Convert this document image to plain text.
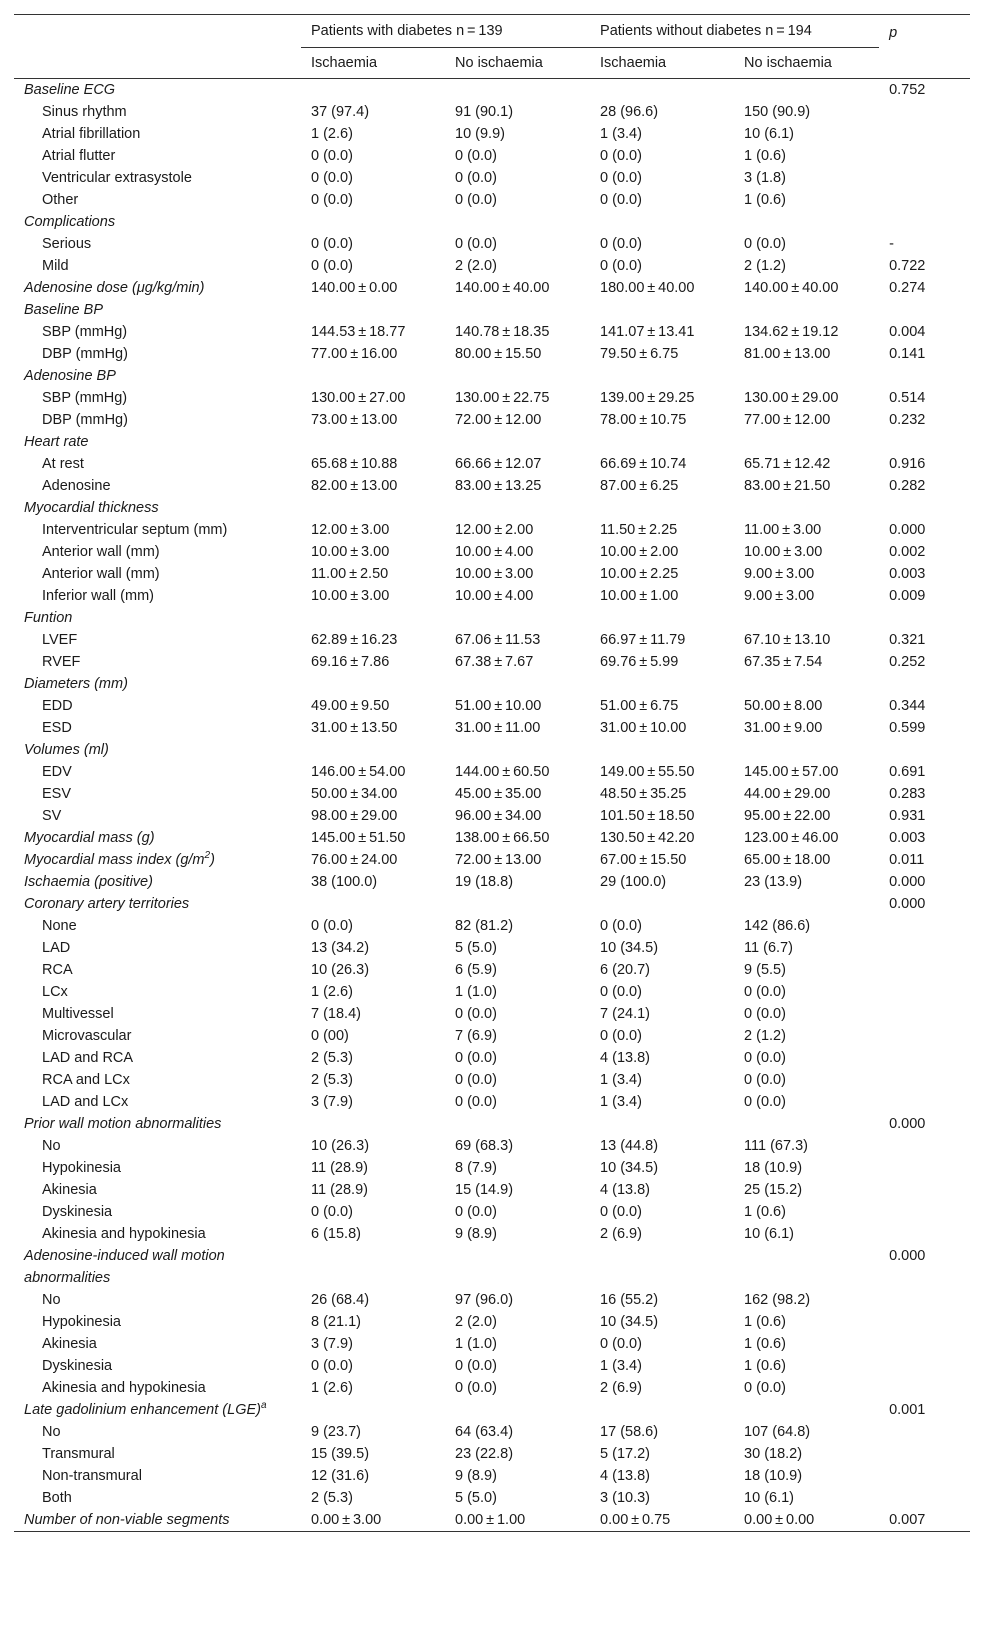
	Patients with diabetes n = 139		Patients without diabetes n = 194		p
	Ischaemia	No ischaemia	Ischaemia	No ischaemia	
Baseline ECG					0.752
Sinus rhythm	37 (97.4)	91 (90.1)	28 (96.6)	150 (90.9)	
Atrial fibrillation	1 (2.6)	10 (9.9)	1 (3.4)	10 (6.1)	
Atrial flutter	0 (0.0)	0 (0.0)	0 (0.0)	1 (0.6)	
Ventricular extrasystole	0 (0.0)	0 (0.0)	0 (0.0)	3 (1.8)	
Other	0 (0.0)	0 (0.0)	0 (0.0)	1 (0.6)	
Complications					
Serious	0 (0.0)	0 (0.0)	0 (0.0)	0 (0.0)	-
Mild	0 (0.0)	2 (2.0)	0 (0.0)	2 (1.2)	0.722
Adenosine dose (μg/kg/min)	140.00 ± 0.00	140.00 ± 40.00	180.00 ± 40.00	140.00 ± 40.00	0.274
Baseline BP					
SBP (mmHg)	144.53 ± 18.77	140.78 ± 18.35	141.07 ± 13.41	134.62 ± 19.12	0.004
DBP (mmHg)	77.00 ± 16.00	80.00 ± 15.50	79.50 ± 6.75	81.00 ± 13.00	0.141
Adenosine BP					
SBP (mmHg)	130.00 ± 27.00	130.00 ± 22.75	139.00 ± 29.25	130.00 ± 29.00	0.514
DBP (mmHg)	73.00 ± 13.00	72.00 ± 12.00	78.00 ± 10.75	77.00 ± 12.00	0.232
Heart rate					
At rest	65.68 ± 10.88	66.66 ± 12.07	66.69 ± 10.74	65.71 ± 12.42	0.916
Adenosine	82.00 ± 13.00	83.00 ± 13.25	87.00 ± 6.25	83.00 ± 21.50	0.282
Myocardial thickness					
Interventricular septum (mm)	12.00 ± 3.00	12.00 ± 2.00	11.50 ± 2.25	11.00 ± 3.00	0.000
Anterior wall (mm)	10.00 ± 3.00	10.00 ± 4.00	10.00 ± 2.00	10.00 ± 3.00	0.002
Anterior wall (mm)	11.00 ± 2.50	10.00 ± 3.00	10.00 ± 2.25	9.00 ± 3.00	0.003
Inferior wall (mm)	10.00 ± 3.00	10.00 ± 4.00	10.00 ± 1.00	9.00 ± 3.00	0.009
Funtion					
LVEF	62.89 ± 16.23	67.06 ± 11.53	66.97 ± 11.79	67.10 ± 13.10	0.321
RVEF	69.16 ± 7.86	67.38 ± 7.67	69.76 ± 5.99	67.35 ± 7.54	0.252
Diameters (mm)					
EDD	49.00 ± 9.50	51.00 ± 10.00	51.00 ± 6.75	50.00 ± 8.00	0.344
ESD	31.00 ± 13.50	31.00 ± 11.00	31.00 ± 10.00	31.00 ± 9.00	0.599
Volumes (ml)					
EDV	146.00 ± 54.00	144.00 ± 60.50	149.00 ± 55.50	145.00 ± 57.00	0.691
ESV	50.00 ± 34.00	45.00 ± 35.00	48.50 ± 35.25	44.00 ± 29.00	0.283
SV	98.00 ± 29.00	96.00 ± 34.00	101.50 ± 18.50	95.00 ± 22.00	0.931
Myocardial mass (g)	145.00 ± 51.50	138.00 ± 66.50	130.50 ± 42.20	123.00 ± 46.00	0.003
Myocardial mass index $(g/m^2)$	76.00 ± 24.00	72.00 ± 13.00	67.00 ± 15.50	65.00 ± 18.00	0.011
Ischaemia (positive)	38 (100.0)	19 (18.8)	29 (100.0)	23 (13.9)	0.000
Coronary artery territories					0.000
None	0 (0.0)	82 (81.2)	0 (0.0)	142 (86.6)	
LAD	13 (34.2)	5 (5.0)	10 (34.5)	11 (6.7)	
RCA	10 (26.3)	6 (5.9)	6 (20.7)	9 (5.5)	
LCx	1 (2.6)	1 (1.0)	0 (0.0)	0 (0.0)	
Multivessel	7 (18.4)	0 (0.0)	7 (24.1)	0 (0.0)	
Microvascular	0 (00)	7 (6.9)	0 (0.0)	2 (1.2)	
LAD and RCA	2 (5.3)	0 (0.0)	4 (13.8)	0 (0.0)	
RCA and LCx	2 (5.3)	0 (0.0)	1 (3.4)	0 (0.0)	
LAD and LCx	3 (7.9)	0 (0.0)	1 (3.4)	0 (0.0)	
Prior wall motion abnormalities					0.000
No	10 (26.3)	69 (68.3)	13 (44.8)	111 (67.3)	
Hypokinesia	11 (28.9)	8 (7.9)	10 (34.5)	18 (10.9)	
Akinesia	11 (28.9)	15 (14.9)	4 (13.8)	25 (15.2)	
Dyskinesia	0 (0.0)	0 (0.0)	0 (0.0)	1 (0.6)	
Akinesia and hypokinesia	6 (15.8)	9 (8.9)	2 (6.9)	10 (6.1)	
Adenosine-induced wall motion abnormalities					0.000
No	26 (68.4)	97 (96.0)	16 (55.2)	162 (98.2)	
Hypokinesia	8 (21.1)	2 (2.0)	10 (34.5)	1 (0.6)	
Akinesia	3 (7.9)	1 (1.0)	0 (0.0)	1 (0.6)	
Dyskinesia	0 (0.0)	0 (0.0)	1 (3.4)	1 (0.6)	
Akinesia and hypokinesia	1 (2.6)	0 (0.0)	2 (6.9)	0 (0.0)	
Late gadolinium enhancement (LGE)$^a$					0.001
No	9 (23.7)	64 (63.4)	17 (58.6)	107 (64.8)	
Transmural	15 (39.5)	23 (22.8)	5 (17.2)	30 (18.2)	
Non-transmural	12 (31.6)	9 (8.9)	4 (13.8)	18 (10.9)	
Both	2 (5.3)	5 (5.0)	3 (10.3)	10 (6.1)	
Number of non-viable segments	0.00 ± 3.00	0.00 ± 1.00	0.00 ± 0.75	0.00 ± 0.00	0.007
